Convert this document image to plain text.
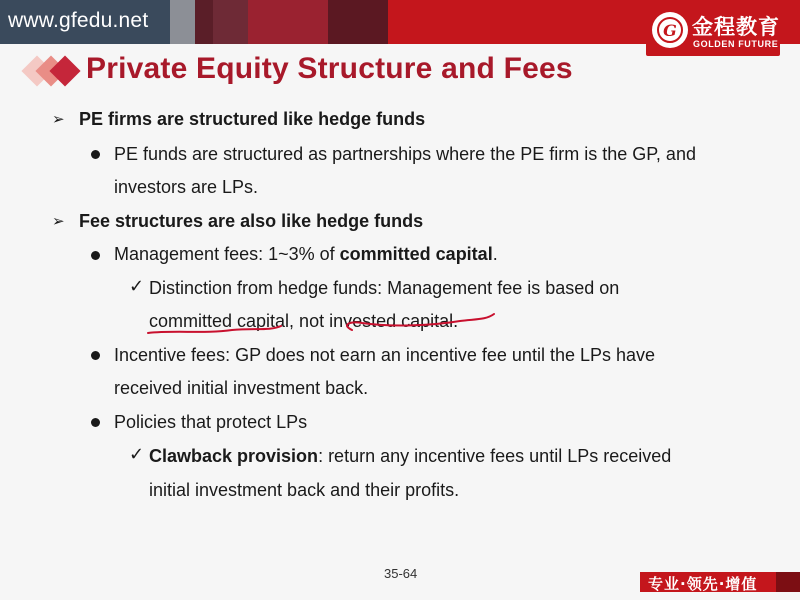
www.gfedu.net	G 金程教育
GOLDEN FUTURE
Private Equity Structure and Fees
➢ PE firms are structured like hedge funds
PE funds are structured as partnerships where the PE firm is the GP, and
investors are LPs.
➢ Fee structures are also like hedge funds
Management fees: 1~3% of committed capital.
✓ Distinction from hedge funds: Management fee is based on
committed capital, not invested capital.
Incentive fees: GP does not earn an incentive fee until the LPs have
received initial investment back.
Policies that protect LPs
✓ Clawback provision: return any incentive fees until LPs received
initial investment back and their profits.
35-64
专业·领先·增值
